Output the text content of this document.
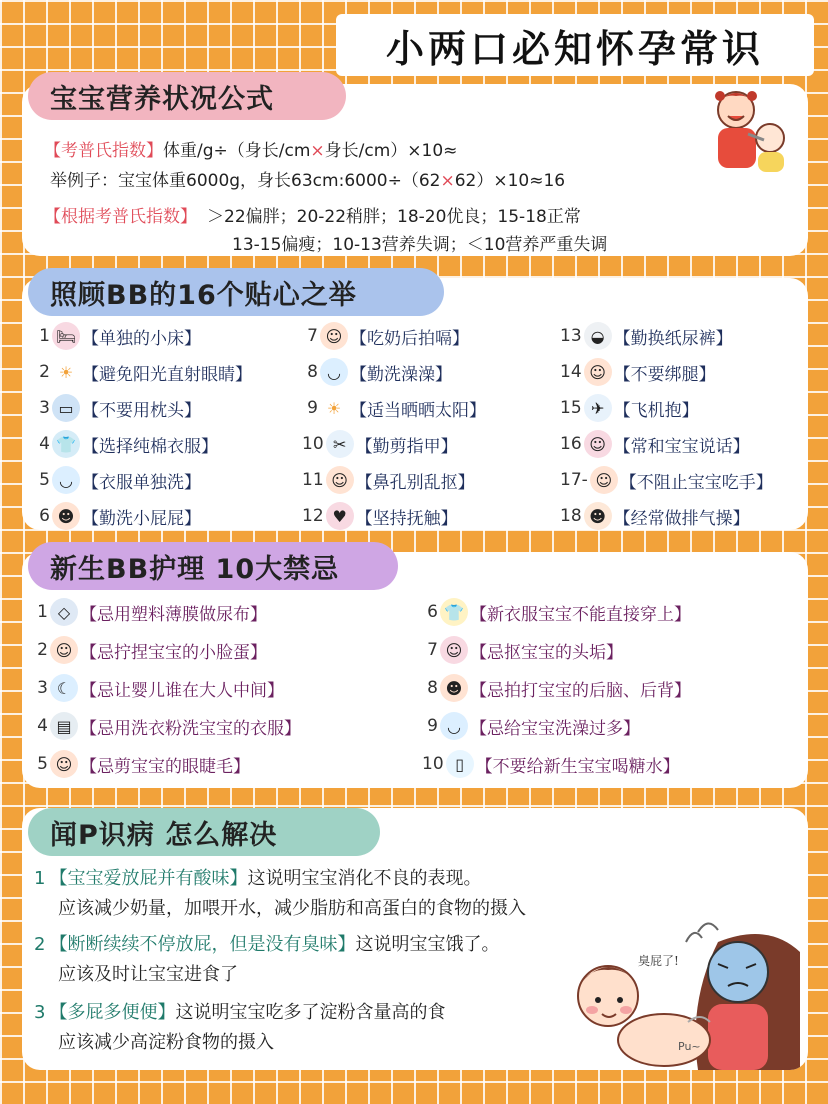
小两口必知怀孕常识
宝宝营养状况公式
【考普氏指数】体重/g÷（身长/cm×身长/cm）×10≈
举例子：宝宝体重6000g，身长63cm:6000÷（62×62）×10≈16
【根据考普氏指数】 ＞22偏胖；20-22稍胖；18-20优良；15-18正常
13-15偏瘦；10-13营养失调；＜10营养严重失调
照顾BB的16个贴心之举
1 🛏 【单独的小床】
2 ☀ 【避免阳光直射眼睛】
3 ▭ 【不要用枕头】
4 👕 【选择纯棉衣服】
5 ◡ 【衣服单独洗】
6 ☻ 【勤洗小屁屁】
7 ☺ 【吃奶后拍嗝】
8 ◡ 【勤洗澡澡】
9 ☀ 【适当晒晒太阳】
10 ✂ 【勤剪指甲】
11 ☺ 【鼻孔别乱抠】
12 ♥ 【坚持抚触】
13 ◒ 【勤换纸尿裤】
14 ☺ 【不要绑腿】
15 ✈ 【飞机抱】
16 ☺ 【常和宝宝说话】
17- ☺ 【不阻止宝宝吃手】
18 ☻ 【经常做排气操】
新生BB护理 10大禁忌
1 ◇ 【忌用塑料薄膜做尿布】
2 ☺ 【忌拧捏宝宝的小脸蛋】
3 ☾ 【忌让婴儿谁在大人中间】
4 ▤ 【忌用洗衣粉洗宝宝的衣服】
5 ☺ 【忌剪宝宝的眼睫毛】
6 👕 【新衣服宝宝不能直接穿上】
7 ☺ 【忌抠宝宝的头垢】
8 ☻ 【忌拍打宝宝的后脑、后背】
9 ◡ 【忌给宝宝洗澡过多】
10 ▯ 【不要给新生宝宝喝糖水】
闻P识病 怎么解决
1 【宝宝爱放屁并有酸味】这说明宝宝消化不良的表现。
应该减少奶量，加喂开水，减少脂肪和高蛋白的食物的摄入
2 【断断续续不停放屁，但是没有臭味】这说明宝宝饿了。
应该及时让宝宝进食了
3 【多屁多便便】这说明宝宝吃多了淀粉含量高的食
应该减少高淀粉食物的摄入
臭屁了!
Pu~
